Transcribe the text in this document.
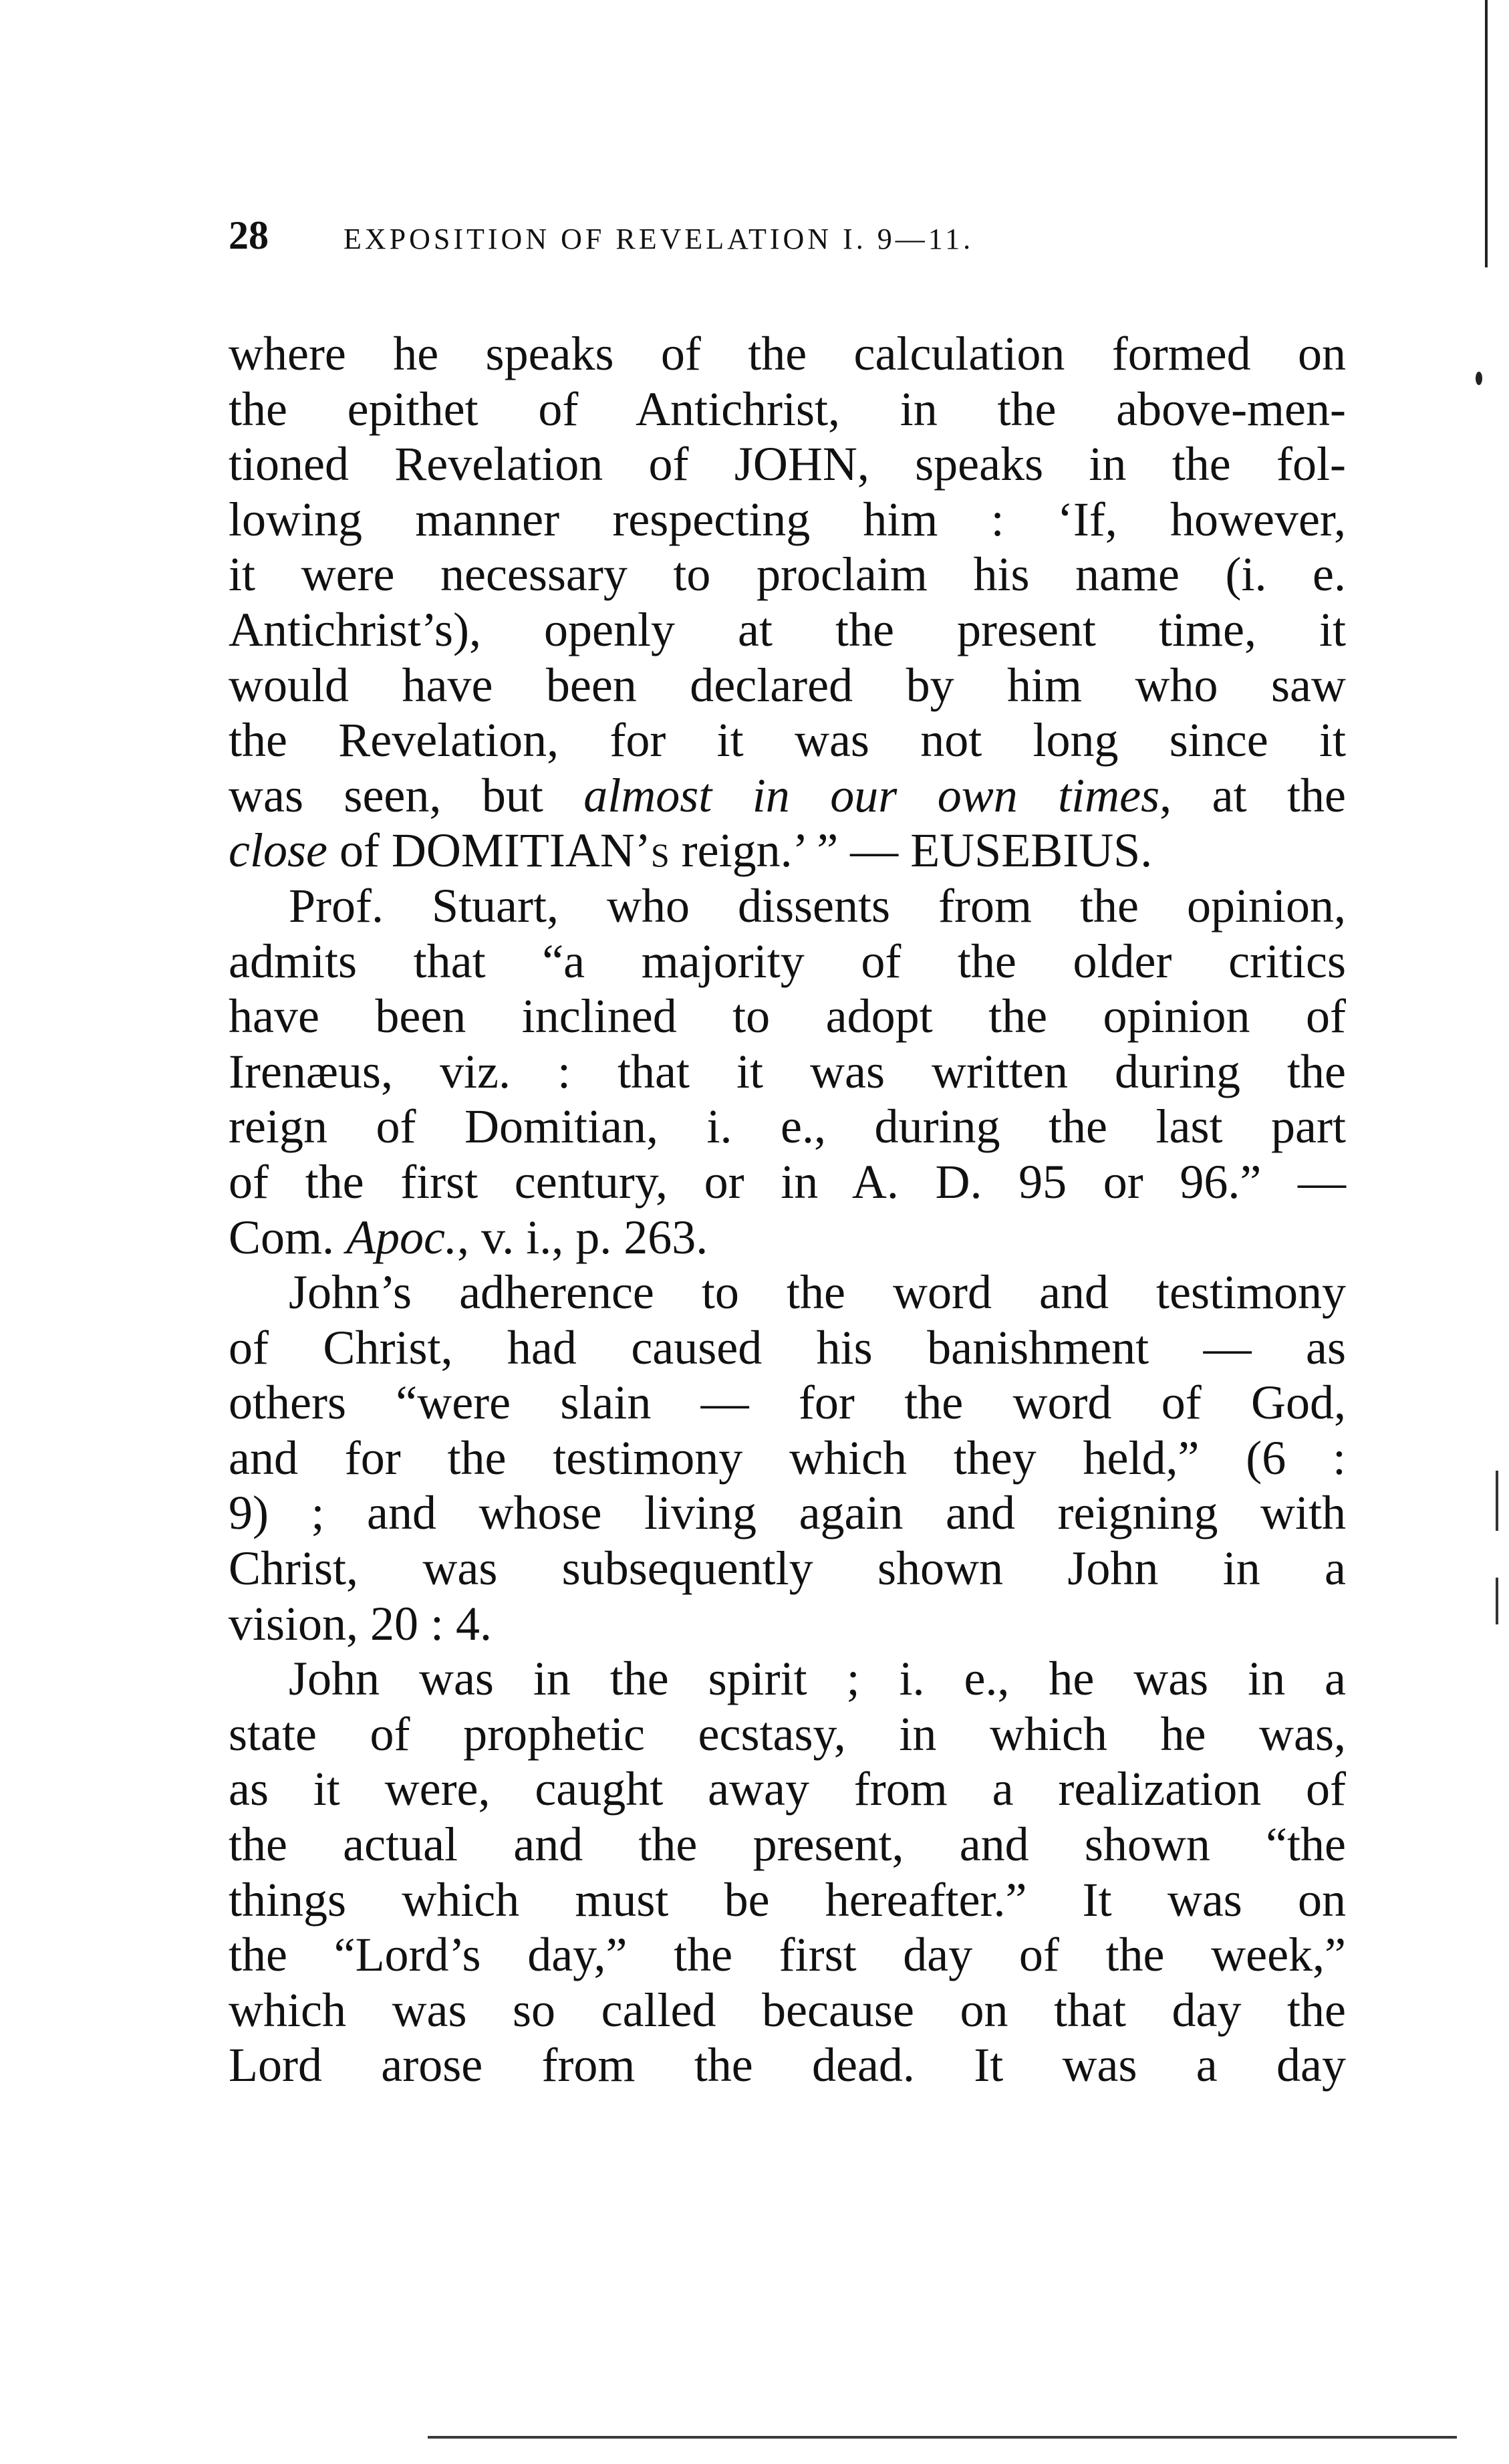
28	EXPOSITION OF REVELATION I. 9—11.
where he speaks of the calculation formed on
the epithet of Antichrist, in the above-men-
tioned Revelation of JOHN, speaks in the fol-
lowing manner respecting him : ‘If, however,
it were necessary to proclaim his name (i. e.
Antichrist’s), openly at the present time, it
would have been declared by him who saw
the Revelation, for it was not long since it
was seen, but almost in our own times, at the
close of DOMITIAN’s reign.’ ” — EUSEBIUS.
Prof. Stuart, who dissents from the opinion,
admits that “a majority of the older critics
have been inclined to adopt the opinion of
Irenæus, viz. : that it was written during the
reign of Domitian, i. e., during the last part
of the first century, or in A. D. 95 or 96.” —
Com. Apoc., v. i., p. 263.
John’s adherence to the word and testimony
of Christ, had caused his banishment — as
others “were slain — for the word of God,
and for the testimony which they held,” (6 :
9) ; and whose living again and reigning with
Christ, was subsequently shown John in a
vision, 20 : 4.
John was in the spirit ; i. e., he was in a
state of prophetic ecstasy, in which he was,
as it were, caught away from a realization of
the actual and the present, and shown “the
things which must be hereafter.” It was on
the “Lord’s day,” the first day of the week,”
which was so called because on that day the
Lord arose from the dead. It was a day
